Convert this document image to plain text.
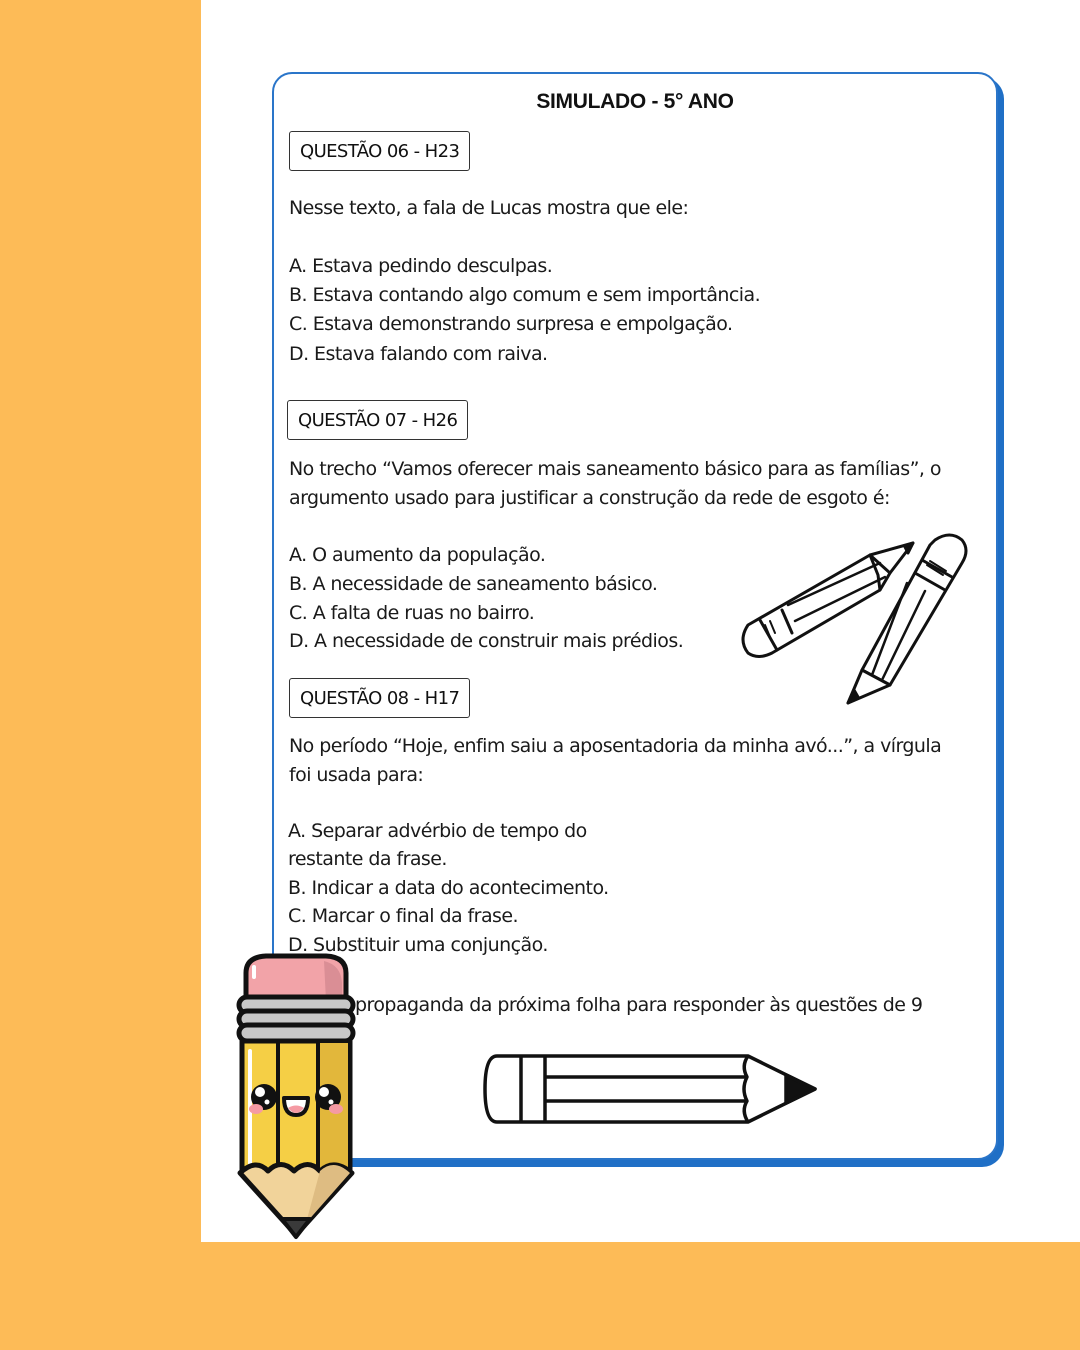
SIMULADO - 5° ANO
QUESTÃO 06 - H23
Nesse texto, a fala de Lucas mostra que ele:
A. Estava pedindo desculpas.
B. Estava contando algo comum e sem importância.
C. Estava demonstrando surpresa e empolgação.
D. Estava falando com raiva.
QUESTÃO 07 - H26
No trecho “Vamos oferecer mais saneamento básico para as famílias”, o
argumento usado para justificar a construção da rede de esgoto é:
A. O aumento da população.
B. A necessidade de saneamento básico.
C. A falta de ruas no bairro.
D. A necessidade de construir mais prédios.
QUESTÃO 08 - H17
No período “Hoje, enfim saiu a aposentadoria da minha avó...”, a vírgula
foi usada para:
A. Separar advérbio de tempo do
restante da frase.
B. Indicar a data do acontecimento.
C. Marcar o final da frase.
D. Substituir uma conjunção.
propaganda da próxima folha para responder às questões de 9
